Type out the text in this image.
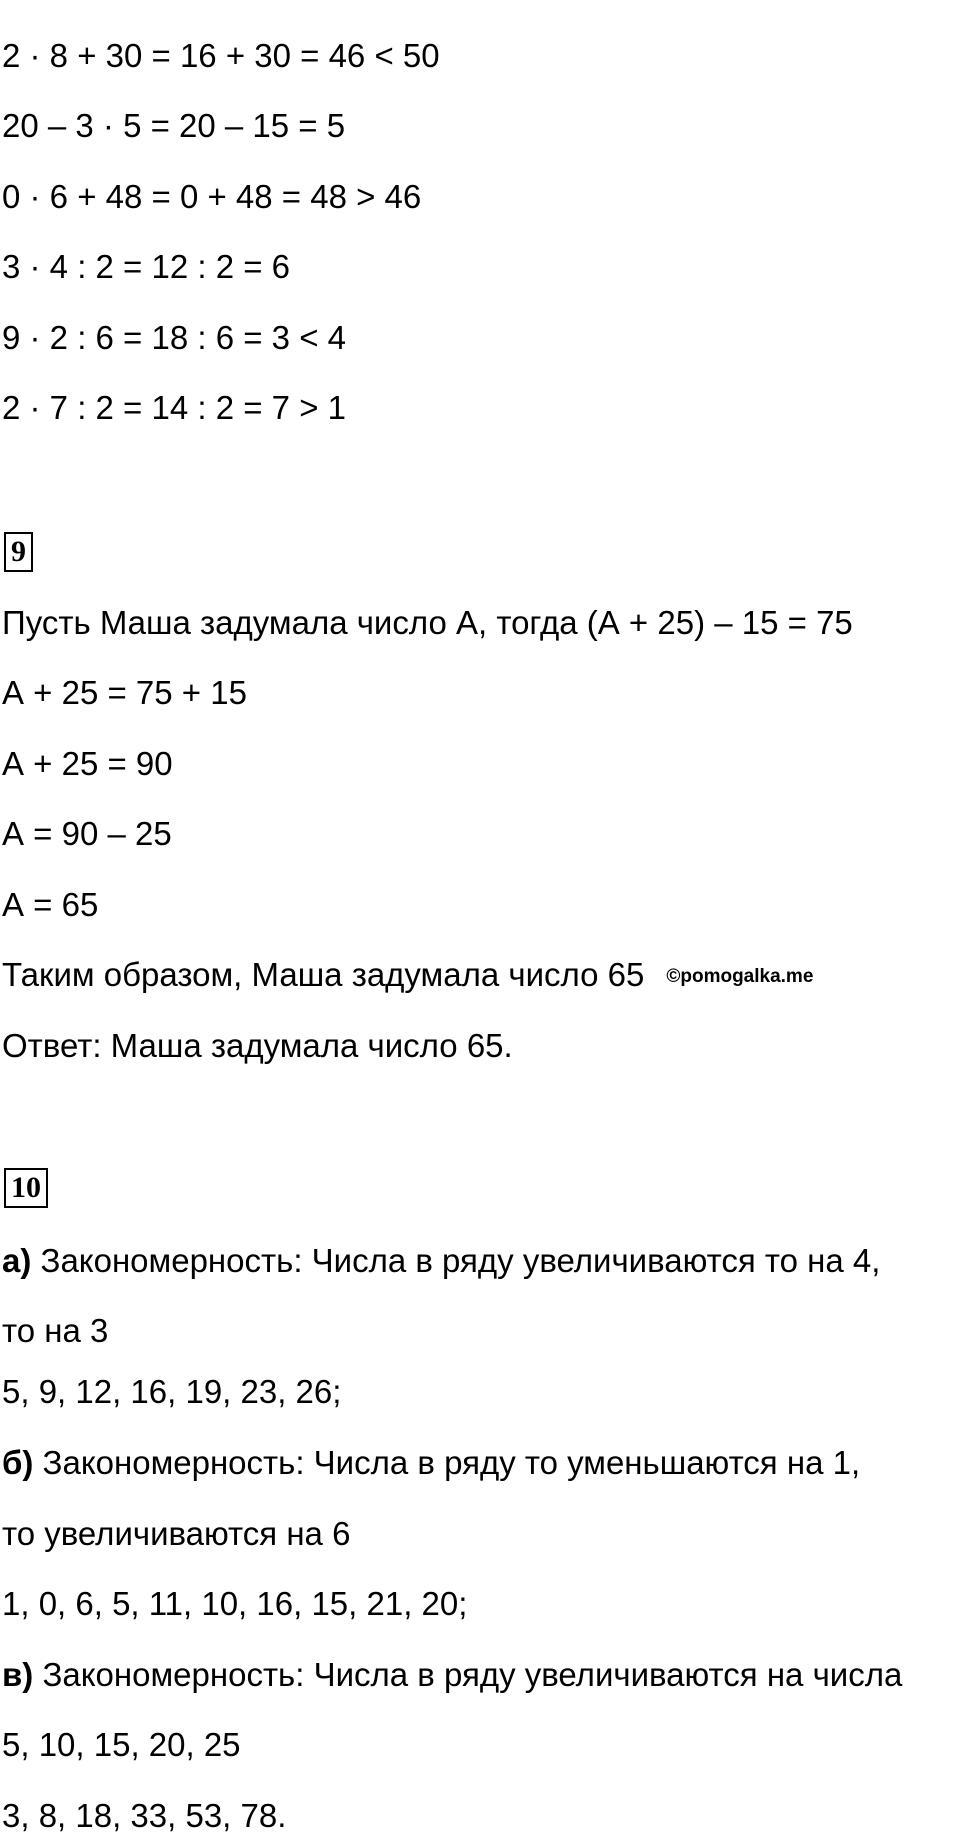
2 · 8 + 30 = 16 + 30 = 46 < 50
20 – 3 · 5 = 20 – 15 = 5
0 · 6 + 48 = 0 + 48 = 48 > 46
3 · 4 : 2 = 12 : 2 = 6
9 · 2 : 6 = 18 : 6 = 3 < 4
2 · 7 : 2 = 14 : 2 = 7 > 1
9
Пусть Маша задумала число А, тогда (А + 25) – 15 = 75
А + 25 = 75 + 15
А + 25 = 90
А = 90 – 25
А = 65
Таким образом, Маша задумала число 65 ©pomogalka.me
Ответ: Маша задумала число 65.
10
а) Закономерность: Числа в ряду увеличиваются то на 4,
то на 3
5, 9, 12, 16, 19, 23, 26;
б) Закономерность: Числа в ряду то уменьшаются на 1,
то увеличиваются на 6
1, 0, 6, 5, 11, 10, 16, 15, 21, 20;
в) Закономерность: Числа в ряду увеличиваются на числа
5, 10, 15, 20, 25
3, 8, 18, 33, 53, 78.
